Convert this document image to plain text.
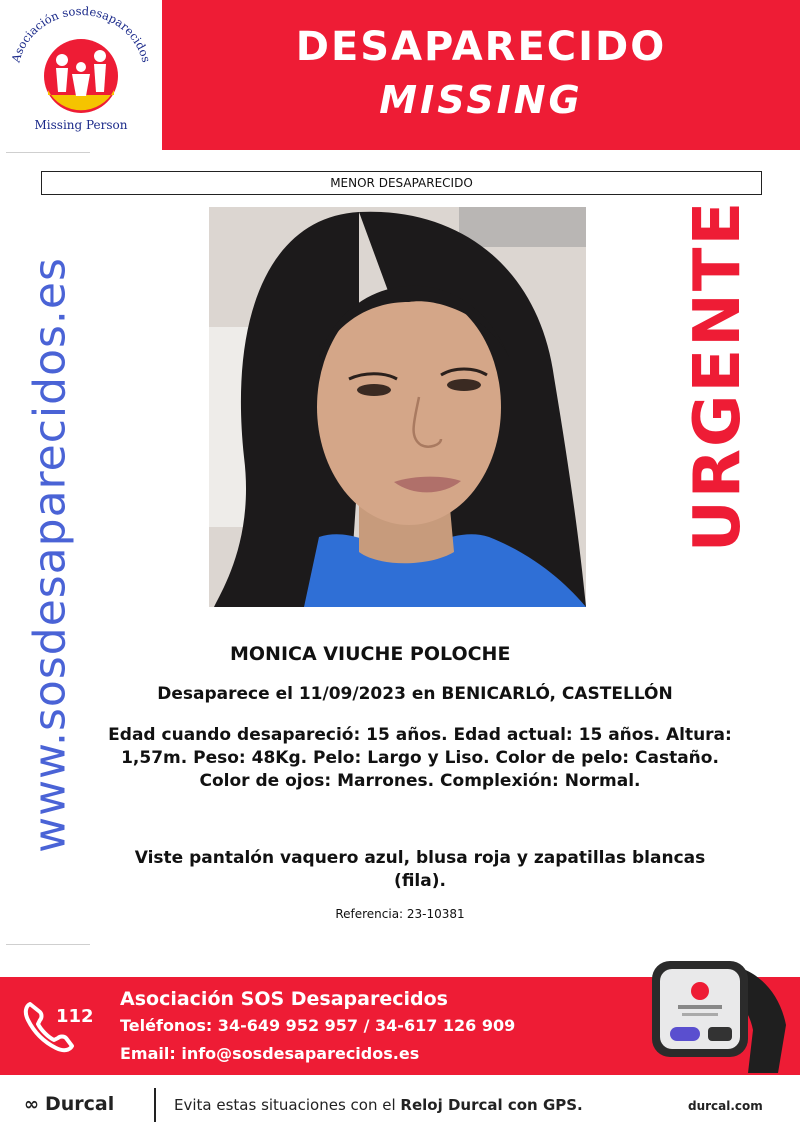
Asociación sosdesaparecidos
Missing Person
DESAPARECIDO
MISSING
MENOR DESAPARECIDO
www.sosdesaparecidos.es	URGENTE
MONICA VIUCHE POLOCHE
Desaparece el 11/09/2023 en BENICARLÓ, CASTELLÓN
Edad cuando desapareció: 15 años. Edad actual: 15 años. Altura: 1,57m. Peso: 48Kg. Pelo: Largo y Liso. Color de pelo: Castaño. Color de ojos: Marrones. Complexión: Normal.
Viste pantalón vaquero azul, blusa roja y zapatillas blancas (fila).
Referencia: 23-10381
112
Asociación SOS Desaparecidos
Teléfonos: 34-649 952 957 / 34-617 126 909
Email: info@sosdesaparecidos.es
∞ Durcal	Evita estas situaciones con el Reloj Durcal con GPS.	durcal.com
